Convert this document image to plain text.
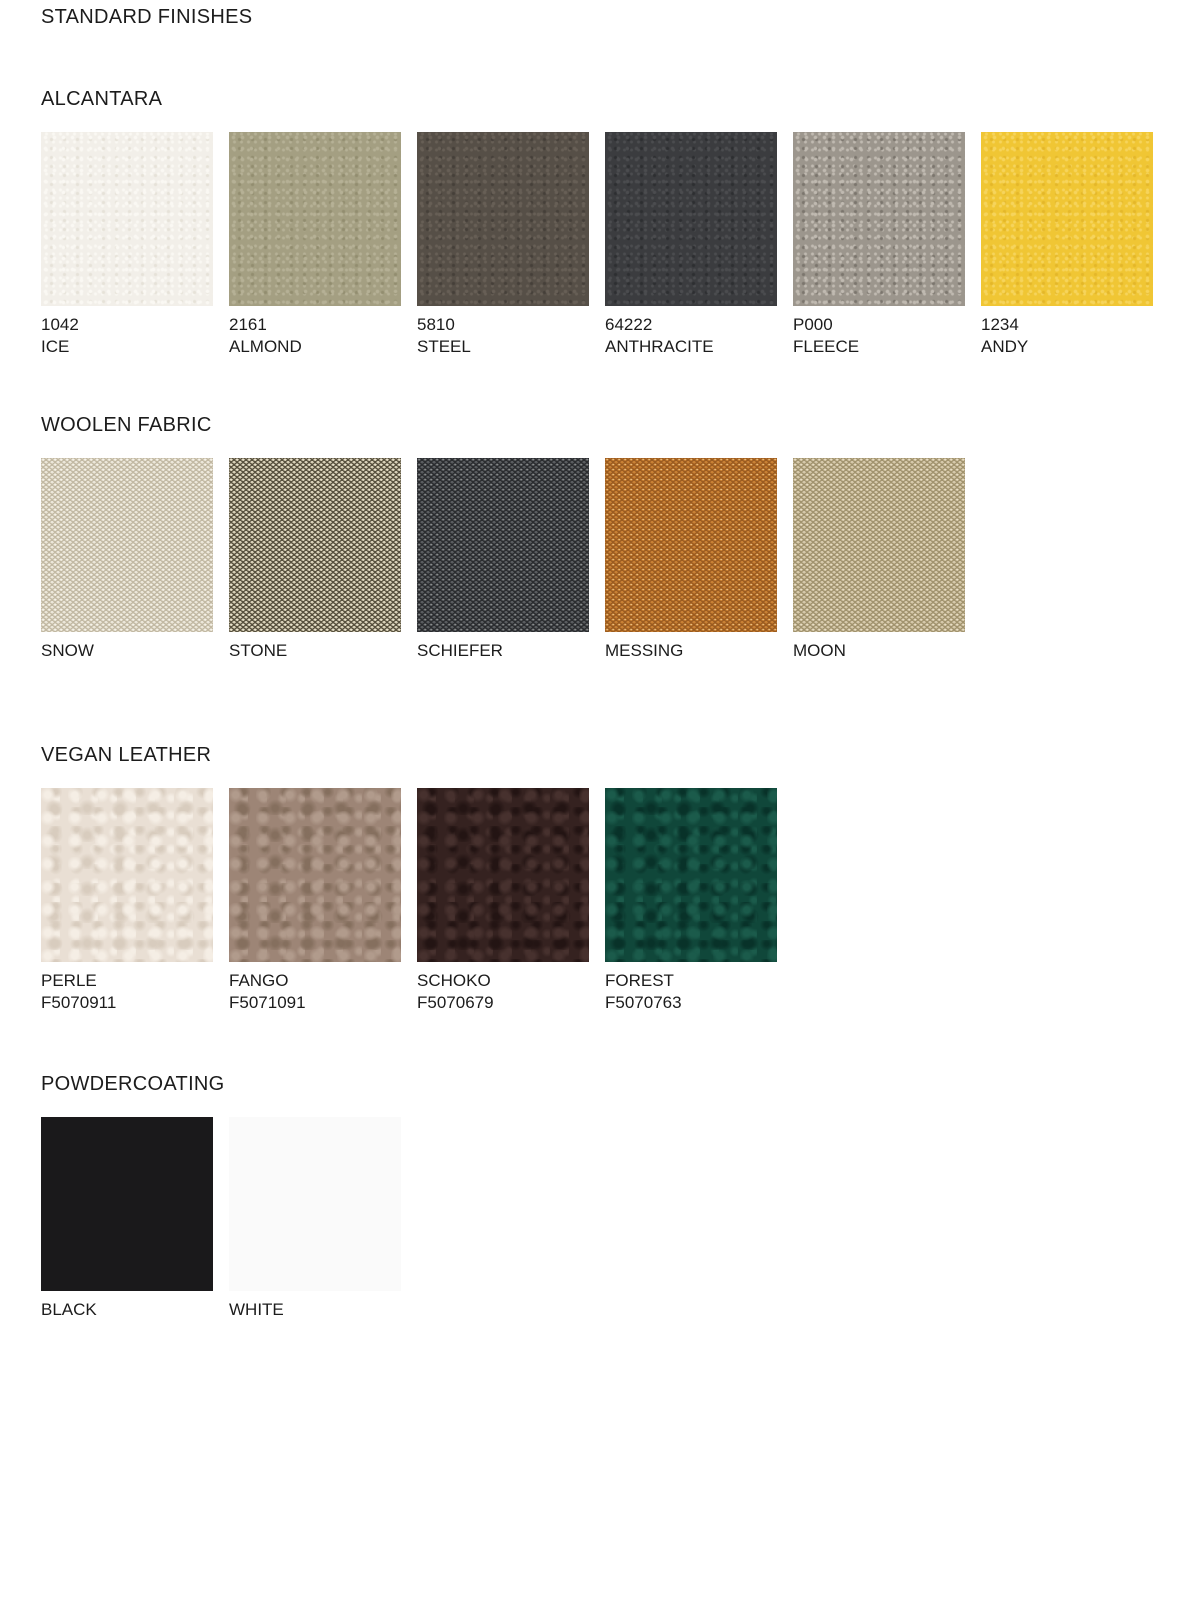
STANDARD FINISHES
ALCANTARA
1042
ICE
2161
ALMOND
5810
STEEL
64222
ANTHRACITE
P000
FLEECE
1234
ANDY
WOOLEN FABRIC
SNOW	STONE	SCHIEFER	MESSING	MOON
VEGAN LEATHER
PERLE
F5070911
FANGO
F5071091
SCHOKO
F5070679
FOREST
F5070763
POWDERCOATING
BLACK	WHITE
